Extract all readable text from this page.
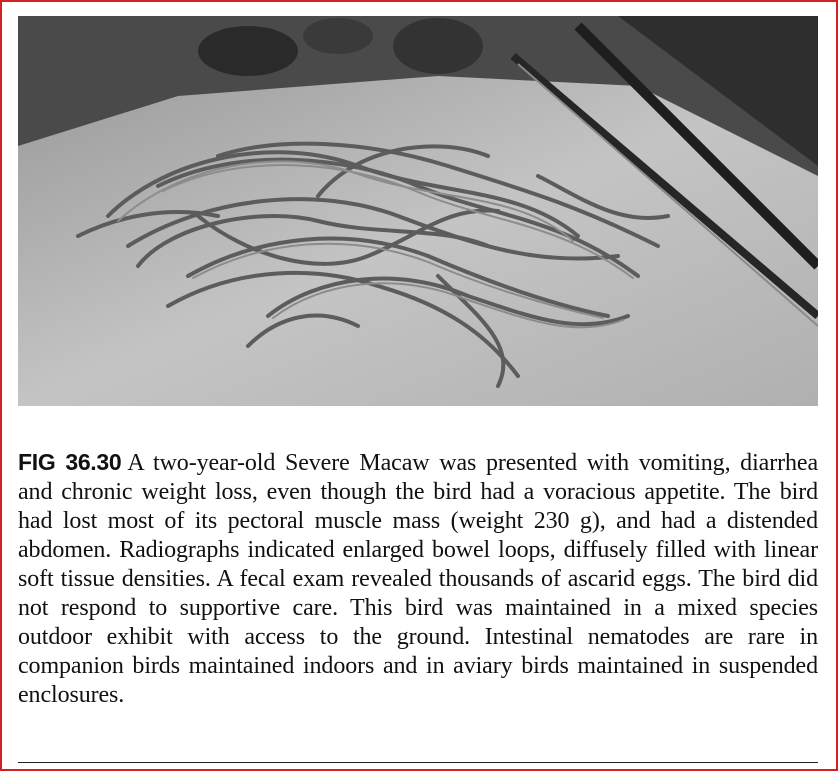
FIG 36.30 A two-year-old Severe Macaw was presented with vomiting, diarrhea and chronic weight loss, even though the bird had a voracious appetite. The bird had lost most of its pectoral muscle mass (weight 230 g), and had a distended abdomen. Radiographs indicated enlarged bowel loops, diffusely filled with linear soft tissue densities. A fecal exam revealed thousands of ascarid eggs. The bird did not respond to supportive care. This bird was maintained in a mixed species outdoor exhibit with access to the ground. Intestinal nematodes are rare in companion birds maintained indoors and in aviary birds maintained in suspended enclosures.
